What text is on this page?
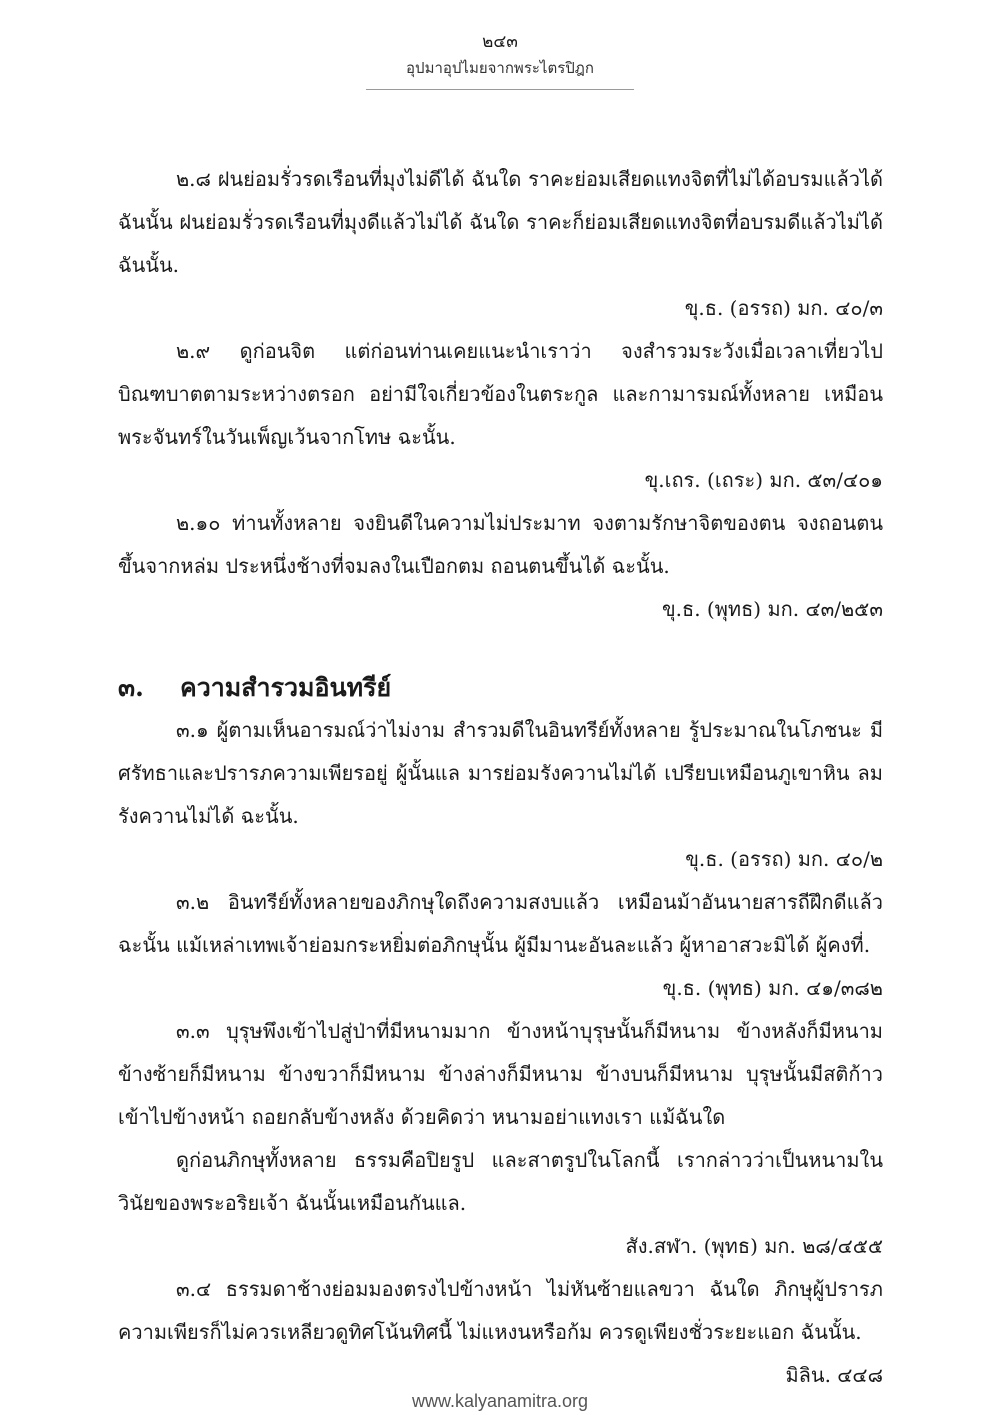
๒๔๓
อุปมาอุปไมยจากพระไตรปิฎก

๒.๘ ฝนย่อมรั่วรดเรือนที่มุงไม่ดีได้ ฉันใด ราคะย่อมเสียดแทงจิตที่ไม่ได้อบรมแล้วได้ ฉันนั้น ฝนย่อมรั่วรดเรือนที่มุงดีแล้วไม่ได้ ฉันใด ราคะก็ย่อมเสียดแทงจิตที่อบรมดีแล้วไม่ได้ ฉันนั้น.

ขุ.ธ. (อรรถ) มก. ๔๐/๓

๒.๙ ดูก่อนจิต แต่ก่อนท่านเคยแนะนำเราว่า จงสำรวมระวังเมื่อเวลาเที่ยวไปบิณฑบาตตามระหว่างตรอก อย่ามีใจเกี่ยวข้องในตระกูล และกามารมณ์ทั้งหลาย เหมือนพระจันทร์ในวันเพ็ญเว้นจากโทษ ฉะนั้น.

ขุ.เถร. (เถระ) มก. ๕๓/๔๐๑

๒.๑๐ ท่านทั้งหลาย จงยินดีในความไม่ประมาท จงตามรักษาจิตของตน จงถอนตนขึ้นจากหล่ม ประหนึ่งช้างที่จมลงในเปือกตม ถอนตนขึ้นได้ ฉะนั้น.

ขุ.ธ. (พุทธ) มก. ๔๓/๒๕๓

๓.	ความสำรวมอินทรีย์

๓.๑ ผู้ตามเห็นอารมณ์ว่าไม่งาม สำรวมดีในอินทรีย์ทั้งหลาย รู้ประมาณในโภชนะ มีศรัทธาและปรารภความเพียรอยู่ ผู้นั้นแล มารย่อมรังควานไม่ได้ เปรียบเหมือนภูเขาหิน ลมรังควานไม่ได้ ฉะนั้น.

ขุ.ธ. (อรรถ) มก. ๔๐/๒

๓.๒ อินทรีย์ทั้งหลายของภิกษุใดถึงความสงบแล้ว เหมือนม้าอันนายสารถีฝึกดีแล้วฉะนั้น แม้เหล่าเทพเจ้าย่อมกระหยิ่มต่อภิกษุนั้น ผู้มีมานะอันละแล้ว ผู้หาอาสวะมิได้ ผู้คงที่.

ขุ.ธ. (พุทธ) มก. ๔๑/๓๘๒

๓.๓ บุรุษพึงเข้าไปสู่ป่าที่มีหนามมาก ข้างหน้าบุรุษนั้นก็มีหนาม ข้างหลังก็มีหนาม ข้างซ้ายก็มีหนาม ข้างขวาก็มีหนาม ข้างล่างก็มีหนาม ข้างบนก็มีหนาม บุรุษนั้นมีสติก้าวเข้าไปข้างหน้า ถอยกลับข้างหลัง ด้วยคิดว่า หนามอย่าแทงเรา แม้ฉันใด

ดูก่อนภิกษุทั้งหลาย ธรรมคือปิยรูป และสาตรูปในโลกนี้ เรากล่าวว่าเป็นหนามในวินัยของพระอริยเจ้า ฉันนั้นเหมือนกันแล.

สัง.สฬา. (พุทธ) มก. ๒๘/๔๕๕

๓.๔ ธรรมดาช้างย่อมมองตรงไปข้างหน้า ไม่หันซ้ายแลขวา ฉันใด ภิกษุผู้ปรารภความเพียรก็ไม่ควรเหลียวดูทิศโน้นทิศนี้ ไม่แหงนหรือก้ม ควรดูเพียงชั่วระยะแอก ฉันนั้น.

มิลิน. ๔๔๘

www.kalyanamitra.org
